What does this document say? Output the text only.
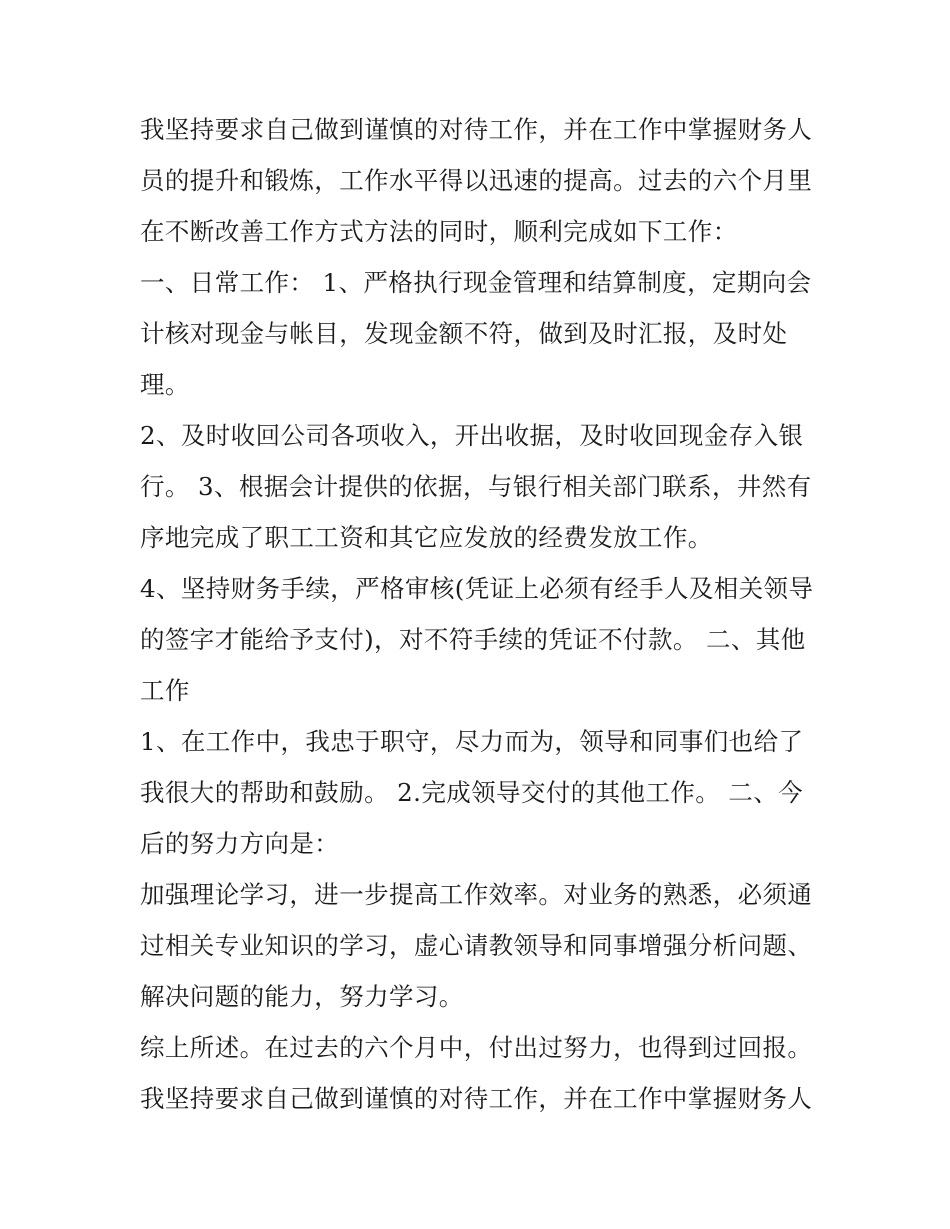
我坚持要求自己做到谨慎的对待工作，并在工作中掌握财务人
员的提升和锻炼，工作水平得以迅速的提高。过去的六个月里
在不断改善工作方式方法的同时，顺利完成如下工作：
一、日常工作： 1、严格执行现金管理和结算制度，定期向会
计核对现金与帐目，发现金额不符，做到及时汇报，及时处
理。
2、及时收回公司各项收入，开出收据，及时收回现金存入银
行。 3、根据会计提供的依据，与银行相关部门联系，井然有
序地完成了职工工资和其它应发放的经费发放工作。
4、坚持财务手续，严格审核(凭证上必须有经手人及相关领导
的签字才能给予支付)，对不符手续的凭证不付款。 二、其他
工作
1、在工作中，我忠于职守，尽力而为，领导和同事们也给了
我很大的帮助和鼓励。 2.完成领导交付的其他工作。 二、今
后的努力方向是：
加强理论学习，进一步提高工作效率。对业务的熟悉，必须通
过相关专业知识的学习，虚心请教领导和同事增强分析问题、
解决问题的能力，努力学习。
综上所述。在过去的六个月中，付出过努力，也得到过回报。
我坚持要求自己做到谨慎的对待工作，并在工作中掌握财务人
